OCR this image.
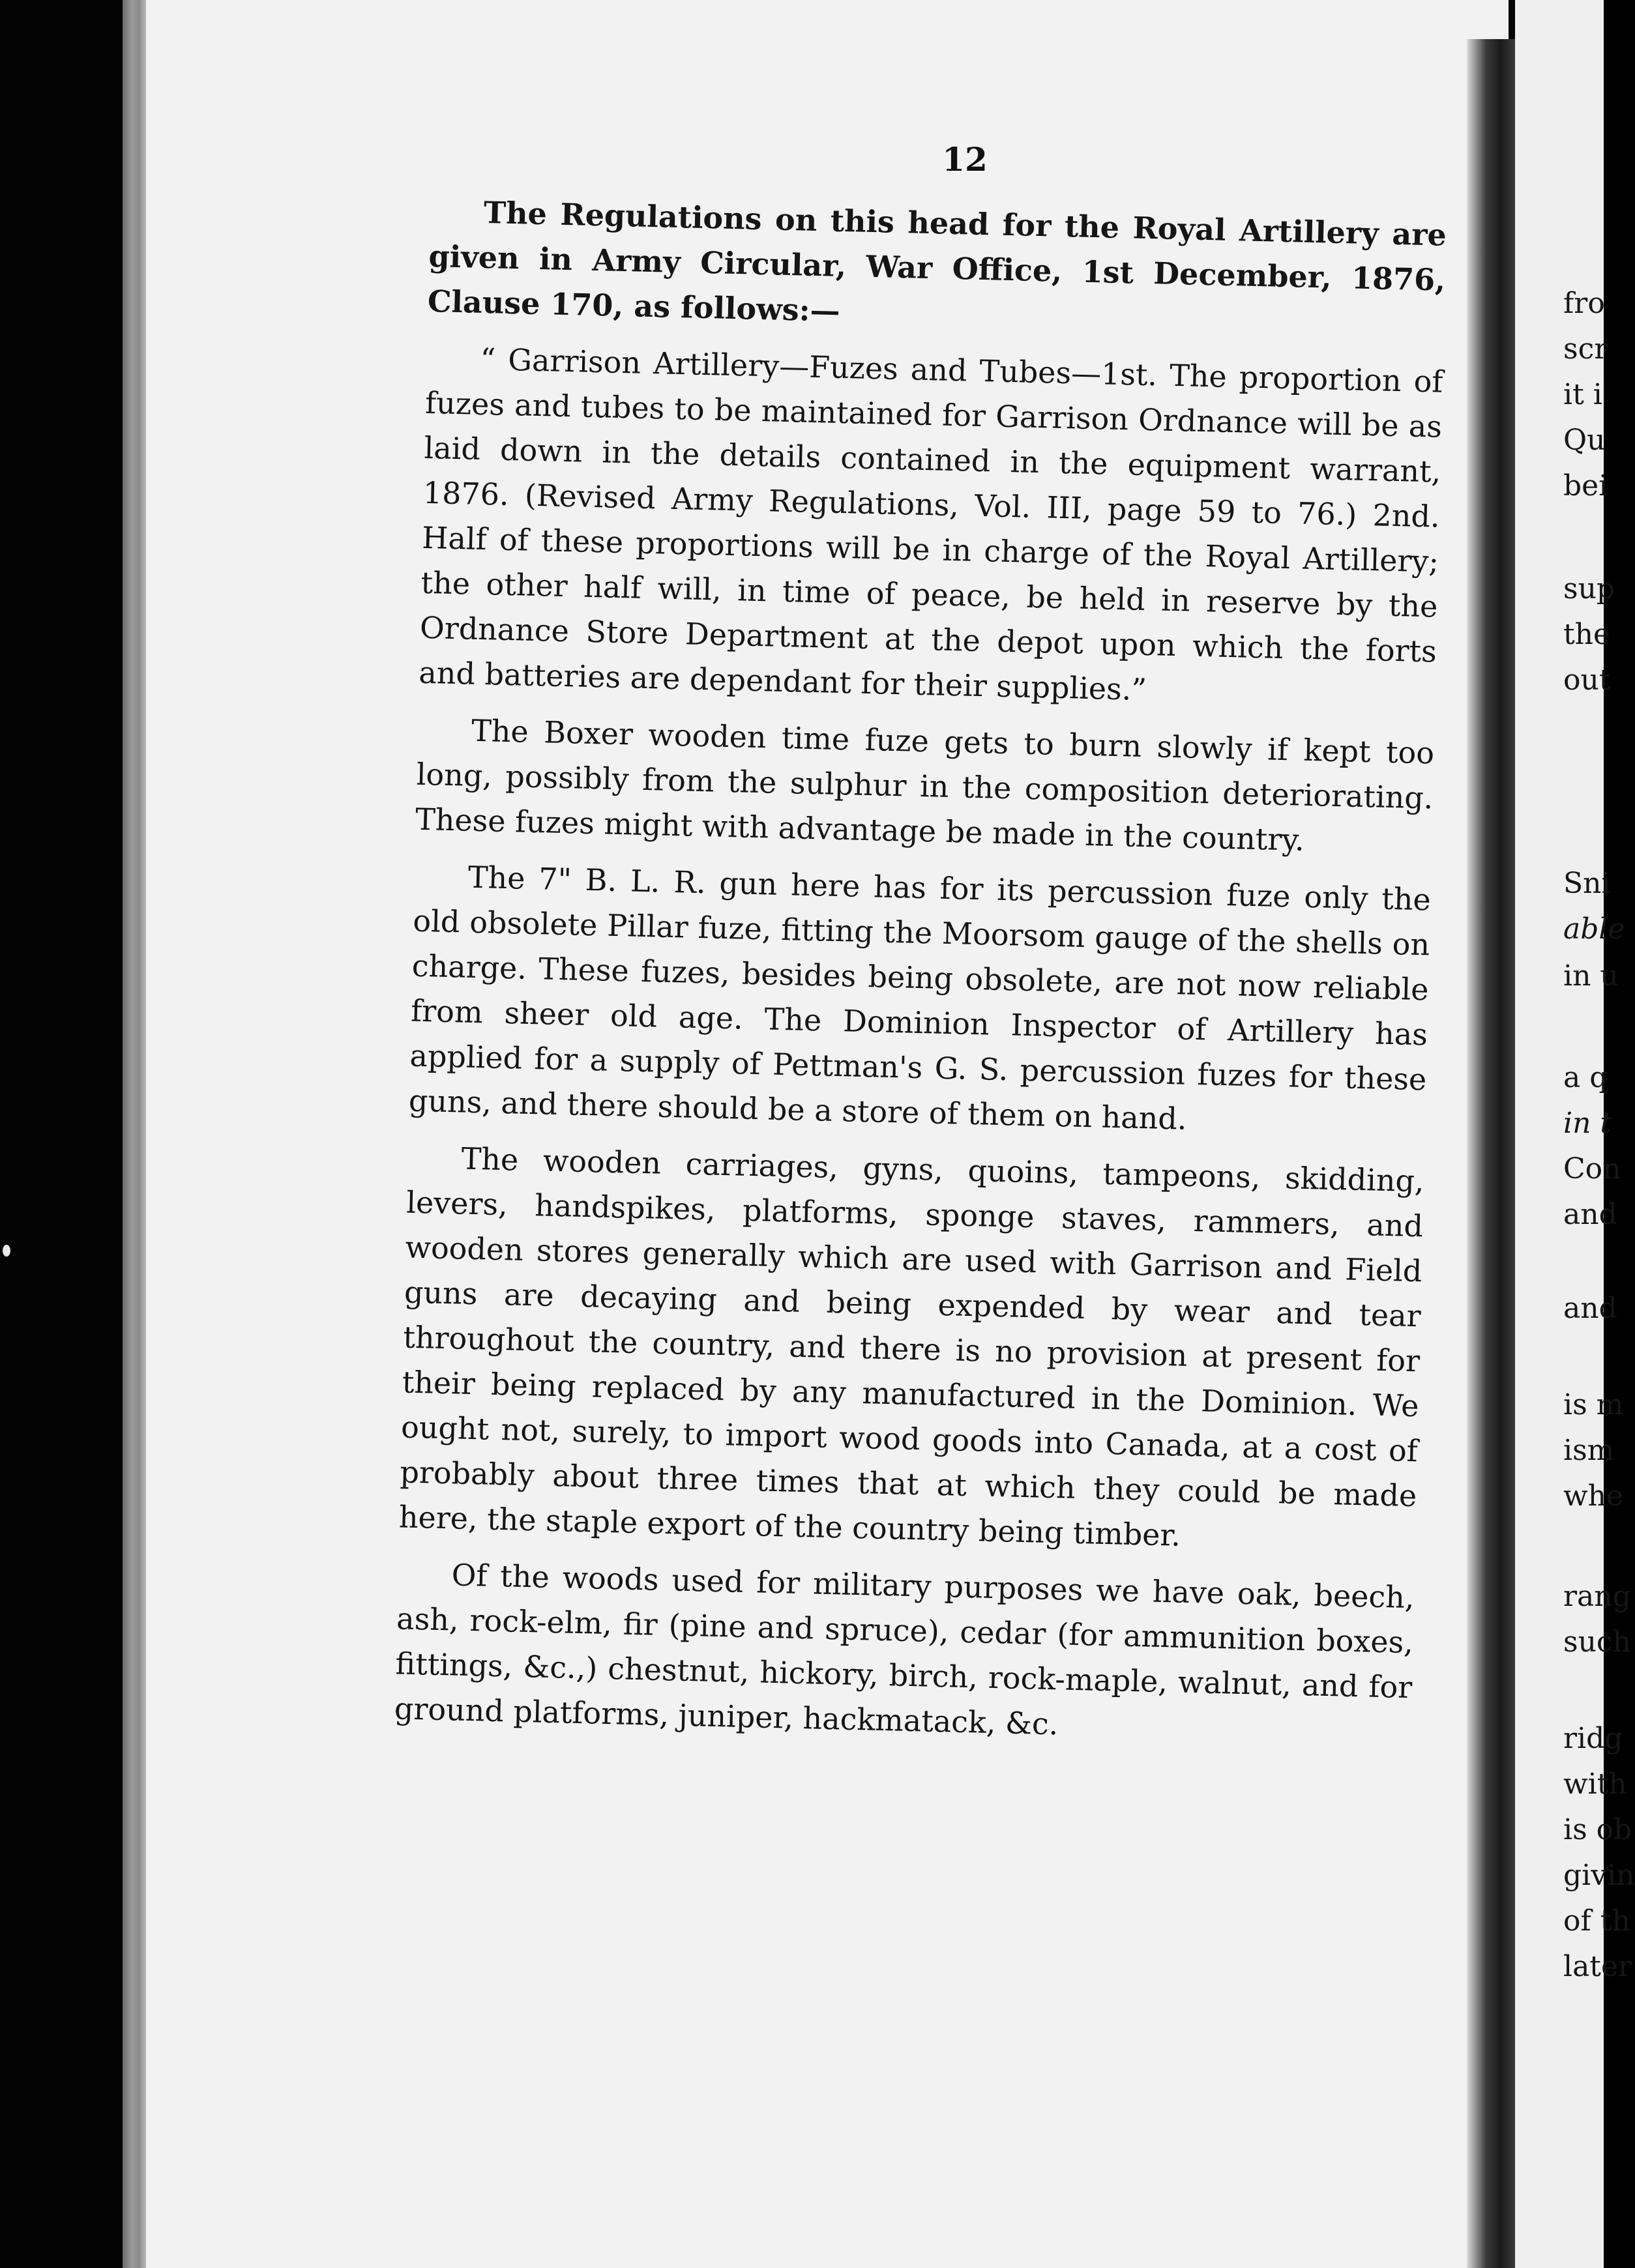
12

The Regulations on this head for the Royal Artillery are given in Army Circular, War Office, 1st December, 1876, Clause 170, as follows:—

“ Garrison Artillery—Fuzes and Tubes—1st. The proportion of fuzes and tubes to be maintained for Garrison Ordnance will be as laid down in the details contained in the equipment warrant, 1876. (Revised Army Regulations, Vol. III, page 59 to 76.) 2nd. Half of these proportions will be in charge of the Royal Artillery; the other half will, in time of peace, be held in reserve by the Ordnance Store Department at the depot upon which the forts and batteries are dependant for their supplies.”

The Boxer wooden time fuze gets to burn slowly if kept too long, possibly from the sulphur in the composition deteriorating. These fuzes might with advantage be made in the country.

The 7" B. L. R. gun here has for its percussion fuze only the old obsolete Pillar fuze, fitting the Moorsom gauge of the shells on charge. These fuzes, besides being obsolete, are not now reliable from sheer old age. The Dominion Inspector of Artillery has applied for a supply of Pettman's G. S. percussion fuzes for these guns, and there should be a store of them on hand.

The wooden carriages, gyns, quoins, tampeons, skidding, levers, handspikes, platforms, sponge staves, rammers, and wooden stores generally which are used with Garrison and Field guns are decaying and being expended by wear and tear throughout the country, and there is no provision at present for their being replaced by any manufactured in the Dominion. We ought not, surely, to import wood goods into Canada, at a cost of probably about three times that at which they could be made here, the staple export of the country being timber.

Of the woods used for military purposes we have oak, beech, ash, rock-elm, fir (pine and spruce), cedar (for ammunition boxes, fittings, &c.,) chestnut, hickory, birch, rock-maple, walnut, and for ground platforms, juniper, hackmatack, &c.

fro
scr
it i
Qu
bei
sup
the
out
Sni
able
in u
a q
in t
Con
and
and
is m
ism
whe
rang
such
ridg
with
is ob
givin
of th
later
